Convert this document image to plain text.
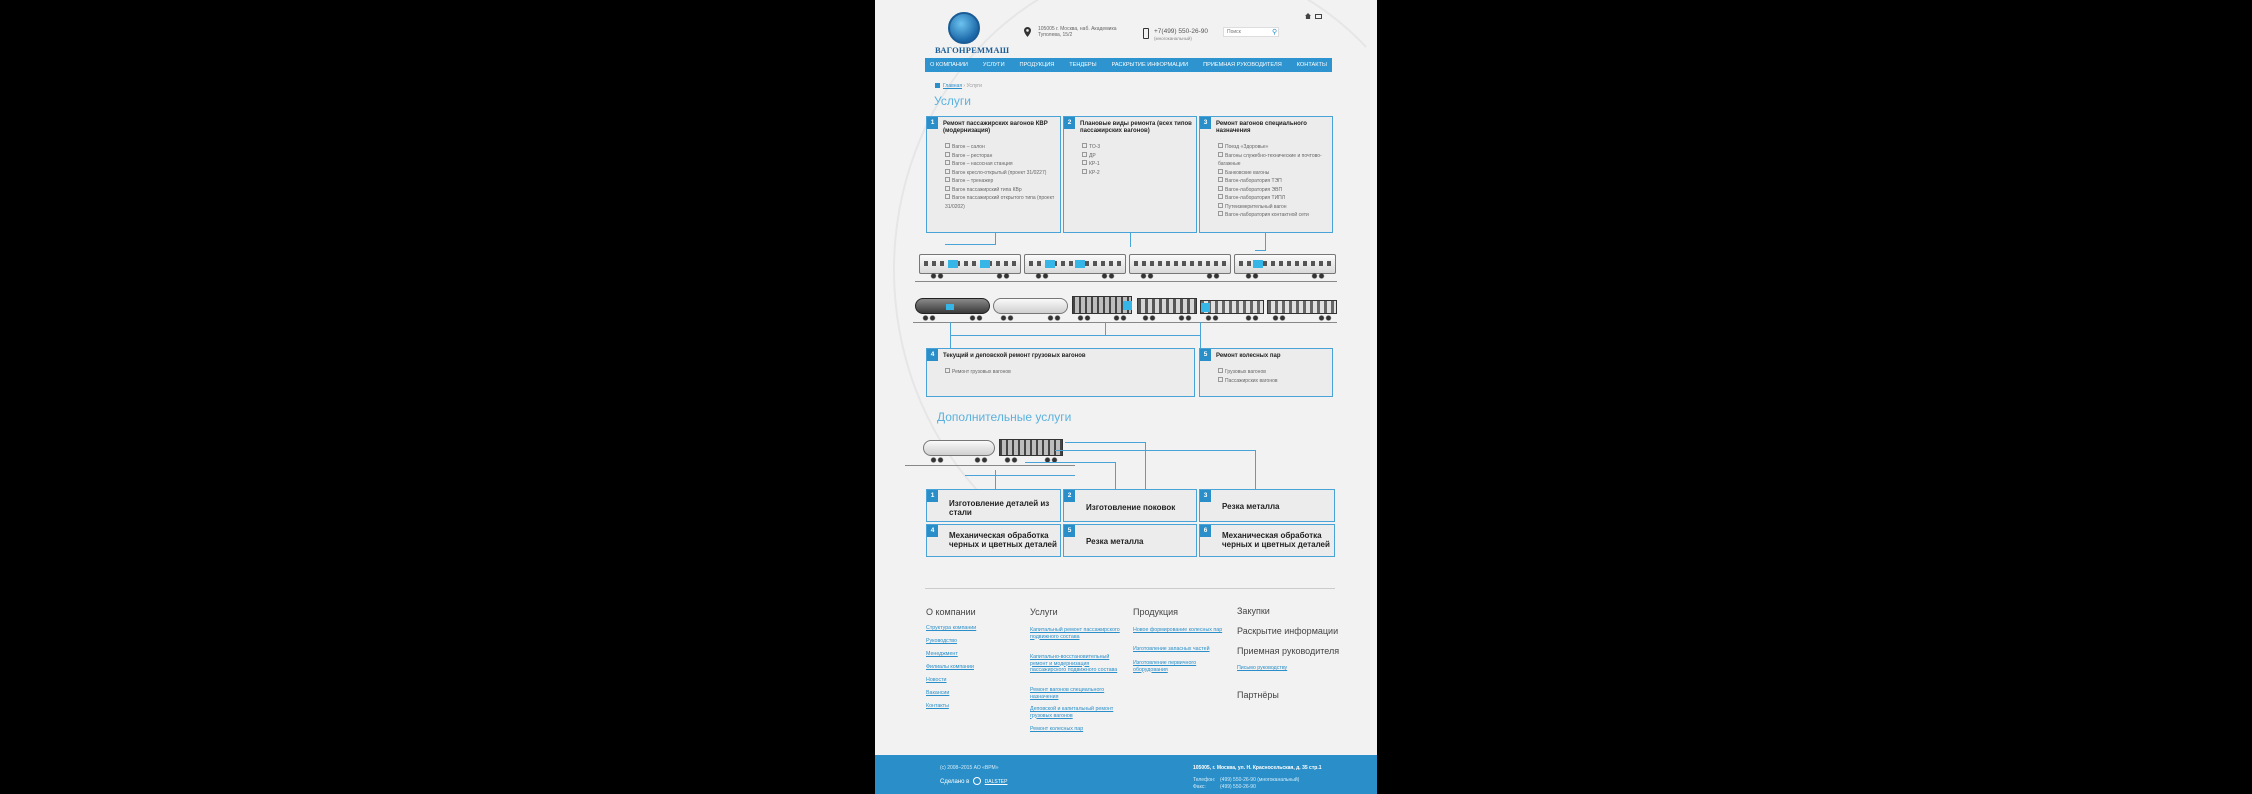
ВАГОНРЕММАШ
105005 г. Москва, наб. Академика Туполева, 15/2	+7(499) 550-26-90
(многоканальный)
Поиск
⚲
О КОМПАНИИ	УСЛУГИ	ПРОДУКЦИЯ	ТЕНДЕРЫ	РАСКРЫТИЕ ИНФОРМАЦИИ	ПРИЕМНАЯ РУКОВОДИТЕЛЯ	КОНТАКТЫ
Главная › Услуги
Услуги
1	Ремонт пассажирских вагонов КВР (модернизация)
Вагон – салон
Вагон – ресторан
Вагон – насосная станция
Вагон кресло-открытый (проект 31/0227)
Вагон – тренажер
Вагон пассажирский типа КВр
Вагон пассажирский открытого типа (проект 31/0202)
2	Плановые виды ремонта (всех типов пассажирских вагонов)
ТО-3
ДР
КР-1
КР-2
3	Ремонт вагонов специального назначения
Поезд «Здоровье»
Вагоны служебно-технические и почтово-багажные
Банковские вагоны
Вагон-лаборатория ТЭП
Вагон-лаборатория ЭВП
Вагон-лаборатория ТИПЛ
Путеизмерительный вагон
Вагон-лаборатория контактной сети
4	Текущий и деповской ремонт грузовых вагонов
Ремонт грузовых вагонов
5	Ремонт колесных пар
Грузовых вагонов
Пассажирских вагонов
Дополнительные услуги
1
Изготовление деталей из стали
2
Изготовление поковок
3
Резка металла
4
Механическая обработка черных и цветных деталей
5
Резка металла
6
Механическая обработка черных и цветных деталей
О компании
Структура компании
Руководство
Менеджмент
Филиалы компании
Новости
Вакансии
Контакты
Услуги
Капитальный ремонт пассажирского подвижного состава
Капитально-восстановительный ремонт и модернизация пассажирского подвижного состава
Ремонт вагонов специального назначения
Деповской и капитальный ремонт грузовых вагонов
Ремонт колесных пар
Продукция
Новое формирование колесных пар
Изготовление запасных частей
Изготовление первичного оборудования
Закупки
Раскрытие информации
Приемная руководителя
Письмо руководству
Партнёры
(с) 2008–2015 АО «ВРМ»
Сделано в	DALSTEP
105005, г. Москва, ул. Н. Красносельская, д. 35 стр.1
Телефон: (499) 550-26-90 (многоканальный)
Факс:	(499) 550-26-90
